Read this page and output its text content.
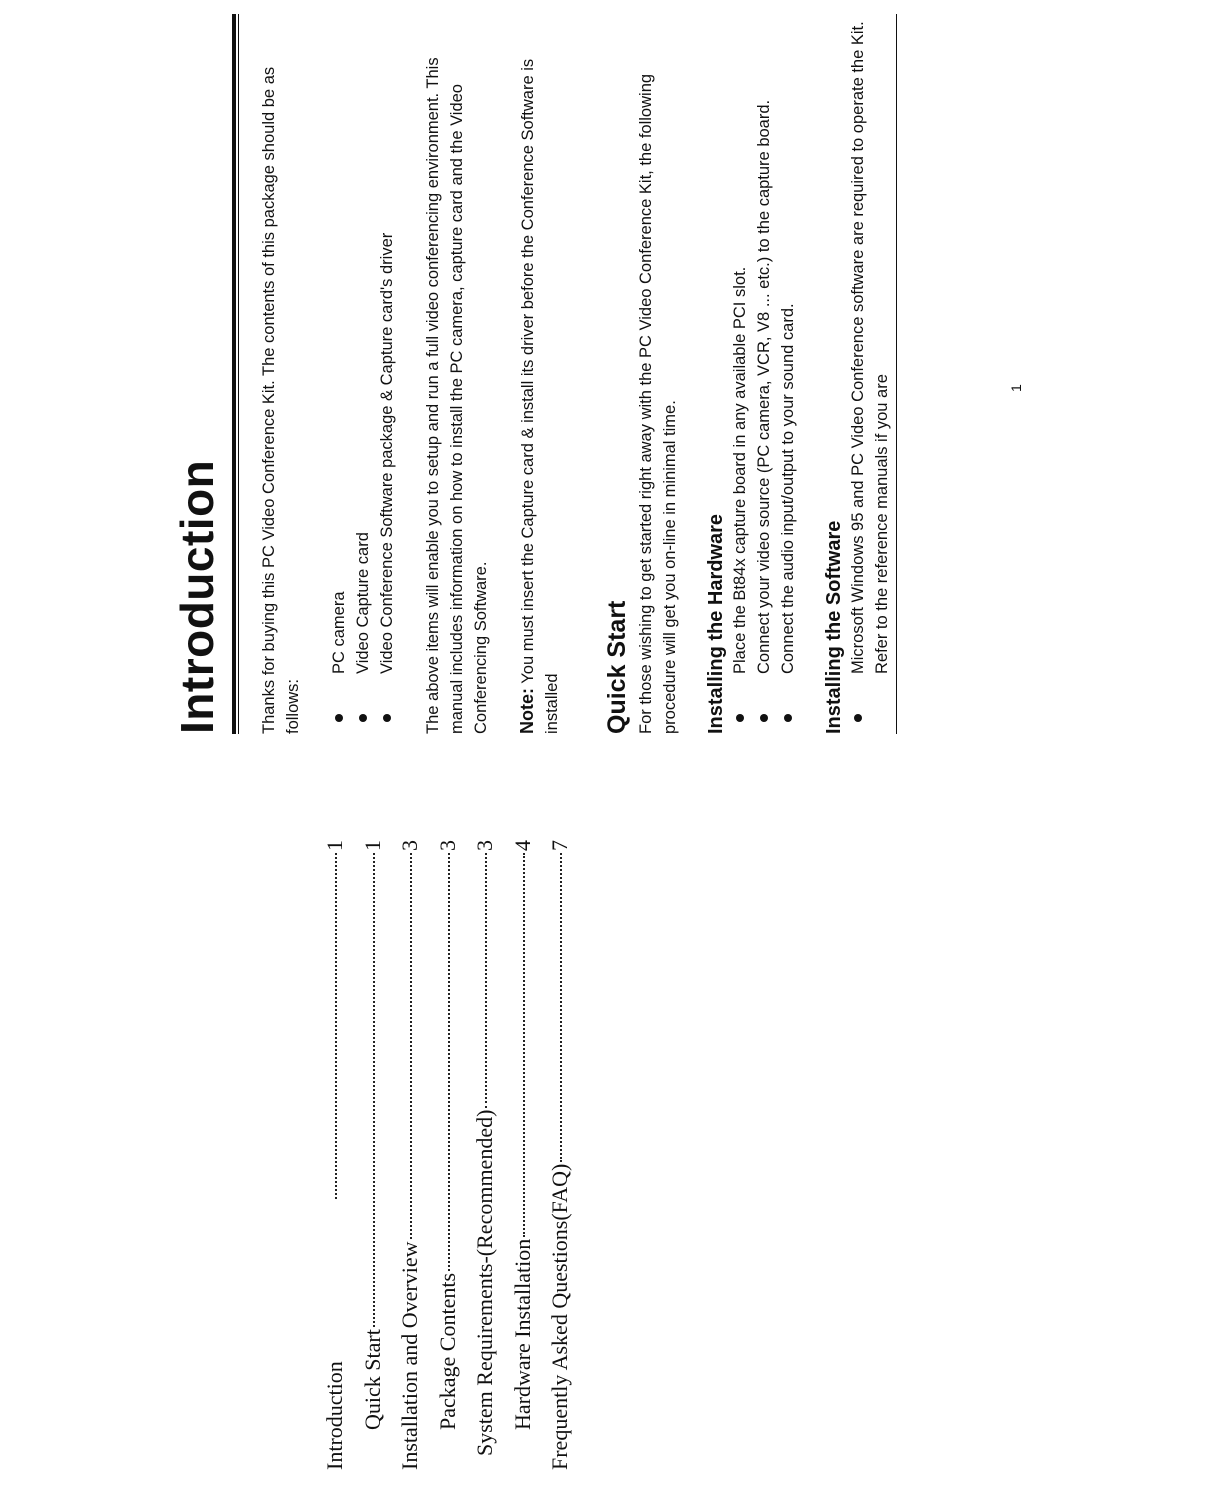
Introduction
1
Quick Start
1
Installation and Overview
3
Package Contents
3
System Requirements-(Recommended)
3
Hardware Installation
4
Frequently Asked Questions(FAQ)
7
Introduction Thanks for buying this PC Video Conference Kit. The contents of this package should be as follows:

PC camera Video Capture card Video Conference Software package & Capture card's driver The above items will enable you to setup and run a full video conferencing environment. This manual includes information on how to install the PC camera, capture card and the Video Conferencing Software. Note: You must insert the Capture card & install its driver before the Conference Software is installed Quick Start For those wishing to get started right away with the PC Video Conference Kit, the following procedure will get you on-line in minimal time. Installing the Hardware Place the Bt84x capture board in any available PCI slot. Connect your video source (PC camera, VCR, V8 ... etc.) to the capture board. Connect the audio input/output to your sound card. Installing the Software Microsoft Windows 95 and PC Video Conference software are required to operate the Kit. Refer to the reference manuals if you are	1
